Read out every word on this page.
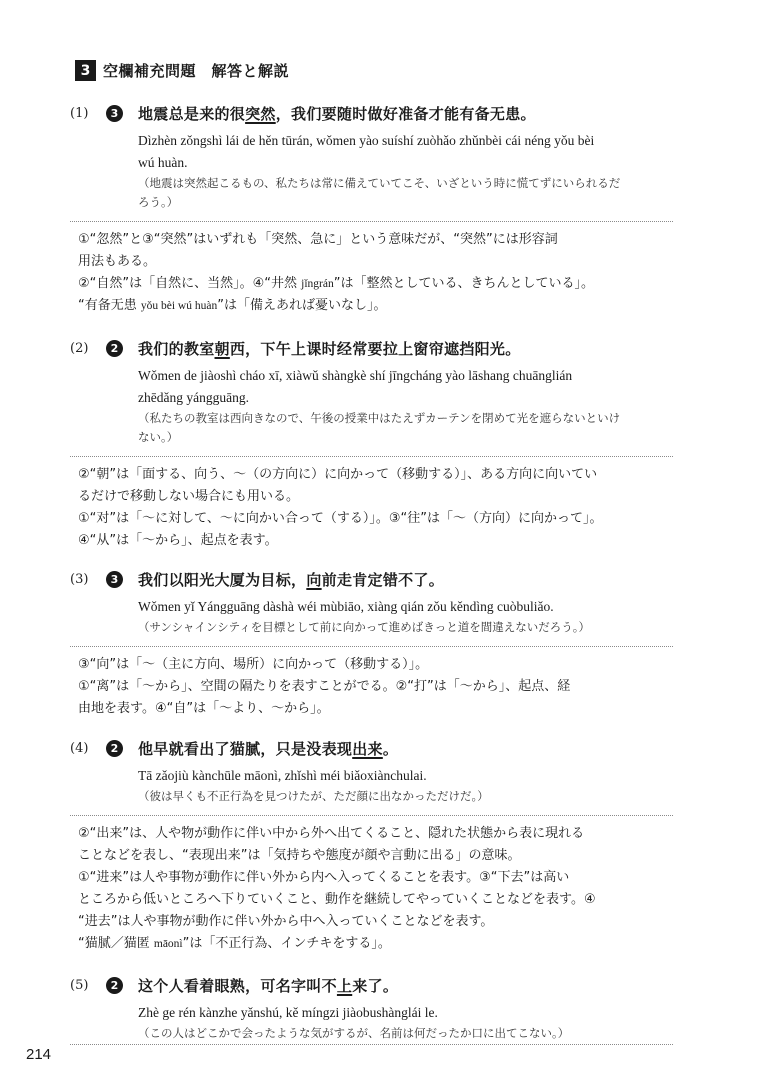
3 空欄補充問題　解答と解説
(1)	3	地震总是来的很突然，我们要随时做好准备才能有备无患。
Dìzhèn zǒngshì lái de hěn tūrán, wǒmen yào suíshí zuòhǎo zhǔnbèi cái néng yǒu bèi
wú huàn.
（地震は突然起こるもの、私たちは常に備えていてこそ、いざという時に慌てずにいられるだ
ろう。）
①“忽然”と③“突然”はいずれも「突然、急に」という意味だが、“突然”には形容詞
用法もある。
②“自然”は「自然に、当然」。④“井然 jǐngrán”は「整然としている、きちんとしている」。
“有备无患 yǒu bèi wú huàn”は「備えあれば憂いなし」。
(2)	2	我们的教室朝西，下午上课时经常要拉上窗帘遮挡阳光。
Wǒmen de jiàoshì cháo xī, xiàwǔ shàngkè shí jīngcháng yào lāshang chuānglián
zhēdǎng yángguāng.
（私たちの教室は西向きなので、午後の授業中はたえずカーテンを閉めて光を遮らないといけ
ない。）
②“朝”は「面する、向う、～（の方向に）に向かって（移動する）」、ある方向に向いてい
るだけで移動しない場合にも用いる。
①“对”は「～に対して、～に向かい合って（する）」。③“往”は「～（方向）に向かって」。
④“从”は「～から」、起点を表す。
(3)	3	我们以阳光大厦为目标，向前走肯定错不了。
Wǒmen yǐ Yángguāng dàshà wéi mùbiāo, xiàng qián zǒu kěndìng cuòbuliǎo.
（サンシャインシティを目標として前に向かって進めばきっと道を間違えないだろう。）
③“向”は「～（主に方向、場所）に向かって（移動する）」。
①“离”は「～から」、空間の隔たりを表すことがでる。②“打”は「～から」、起点、経
由地を表す。④“自”は「～より、～から」。
(4)	2	他早就看出了猫腻，只是没表现出来。
Tā zǎojiù kànchūle māonì, zhǐshì méi biǎoxiànchulai.
（彼は早くも不正行為を見つけたが、ただ顔に出なかっただけだ。）
②“出来”は、人や物が動作に伴い中から外へ出てくること、隠れた状態から表に現れる
ことなどを表し、“表现出来”は「気持ちや態度が顔や言動に出る」の意味。
①“进来”は人や事物が動作に伴い外から内へ入ってくることを表す。③“下去”は高い
ところから低いところへ下りていくこと、動作を継続してやっていくことなどを表す。④
“进去”は人や事物が動作に伴い外から中へ入っていくことなどを表す。
“猫腻／猫匿 māonì”は「不正行為、インチキをする」。
(5)	2	这个人看着眼熟，可名字叫不上来了。
Zhè ge rén kànzhe yǎnshú, kě míngzi jiàobushànglái le.
（この人はどこかで会ったような気がするが、名前は何だったか口に出てこない。）
214
